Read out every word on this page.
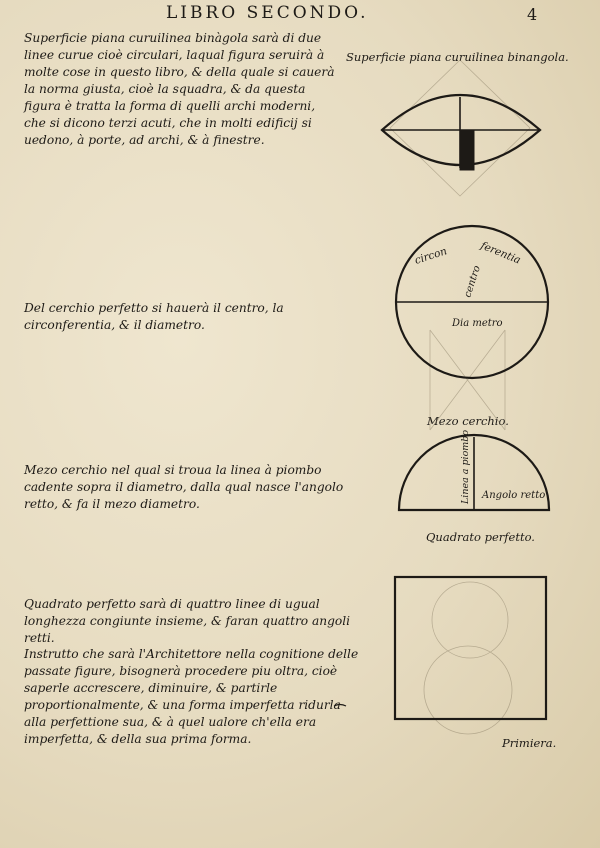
LIBRO SECONDO.	4
Superficie piana curuilinea binàgola sarà di due linee curue cioè circulari, laqual figura seruirà à molte cose in questo libro, & della quale si cauerà la norma giusta, cioè la squadra, & da questa figura è tratta la forma di quelli archi moderni, che si dicono terzi acuti, che in molti edificij si uedono, à porte, ad archi, & à finestre.
Del cerchio perfetto si hauerà il centro, la circonferentia, & il diametro.
Mezo cerchio nel qual si troua la linea à piombo cadente sopra il diametro, dalla qual nasce l'angolo retto, & fa il mezo diametro.
Quadrato perfetto sarà di quattro linee di ugual longhezza congiunte insieme, & faran quattro angoli retti.
Instrutto che sarà l'Architettore nella cognitione delle passate figure, bisognerà procedere piu oltra, cioè saperle accrescere, diminuire, & partirle proportionalmente, & una forma imperfetta ridurla alla perfettione sua, & à quel ualore ch'ella era imperfetta, & della sua prima forma.
Superficie piana curuilinea binangola.
Mezo cerchio.
Quadrato perfetto.
Primiera.
circon	ferentia
centro
Dia metro
Linea a piombo Angolo retto
